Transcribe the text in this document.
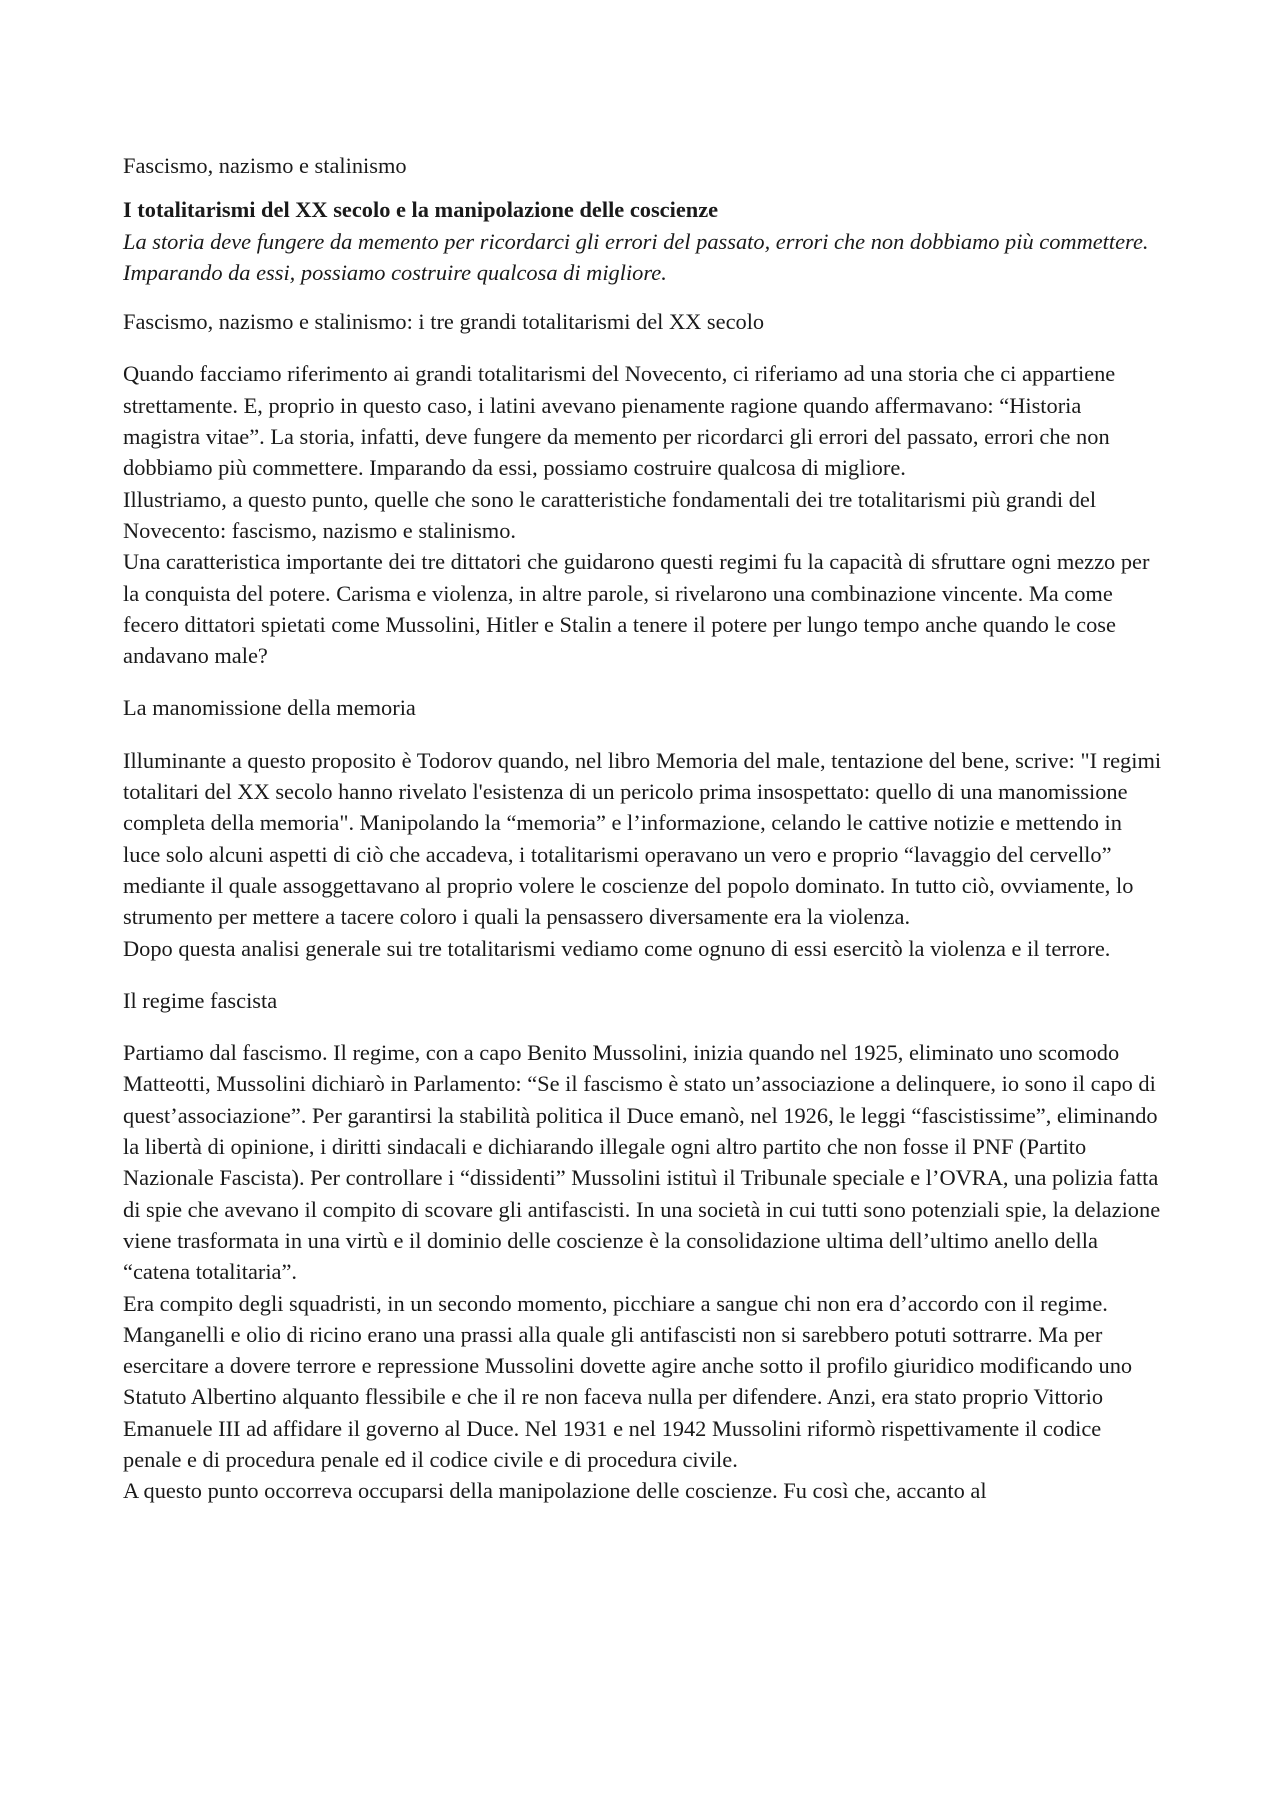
Fascismo, nazismo e stalinismo

I totalitarismi del XX secolo e la manipolazione delle coscienze

La storia deve fungere da memento per ricordarci gli errori del passato, errori che non dobbiamo più commettere. Imparando da essi, possiamo costruire qualcosa di migliore.

Fascismo, nazismo e stalinismo: i tre grandi totalitarismi del XX secolo

Quando facciamo riferimento ai grandi totalitarismi del Novecento, ci riferiamo ad una storia che ci appartiene strettamente. E, proprio in questo caso, i latini avevano pienamente ragione quando affermavano: “Historia magistra vitae”. La storia, infatti, deve fungere da memento per ricordarci gli errori del passato, errori che non dobbiamo più commettere. Imparando da essi, possiamo costruire qualcosa di migliore.

Illustriamo, a questo punto, quelle che sono le caratteristiche fondamentali dei tre totalitarismi più grandi del Novecento: fascismo, nazismo e stalinismo.

Una caratteristica importante dei tre dittatori che guidarono questi regimi fu la capacità di sfruttare ogni mezzo per la conquista del potere. Carisma e violenza, in altre parole, si rivelarono una combinazione vincente. Ma come fecero dittatori spietati come Mussolini, Hitler e Stalin a tenere il potere per lungo tempo anche quando le cose andavano male?

La manomissione della memoria

Illuminante a questo proposito è Todorov quando, nel libro Memoria del male, tentazione del bene, scrive: "I regimi totalitari del XX secolo hanno rivelato l'esistenza di un pericolo prima insospettato: quello di una manomissione completa della memoria". Manipolando la “memoria” e l’informazione, celando le cattive notizie e mettendo in luce solo alcuni aspetti di ciò che accadeva, i totalitarismi operavano un vero e proprio “lavaggio del cervello” mediante il quale assoggettavano al proprio volere le coscienze del popolo dominato. In tutto ciò, ovviamente, lo strumento per mettere a tacere coloro i quali la pensassero diversamente era la violenza.

Dopo questa analisi generale sui tre totalitarismi vediamo come ognuno di essi esercitò la violenza e il terrore.

Il regime fascista

Partiamo dal fascismo. Il regime, con a capo Benito Mussolini, inizia quando nel 1925, eliminato uno scomodo Matteotti, Mussolini dichiarò in Parlamento: “Se il fascismo è stato un’associazione a delinquere, io sono il capo di quest’associazione”. Per garantirsi la stabilità politica il Duce emanò, nel 1926, le leggi “fascistissime”, eliminando la libertà di opinione, i diritti sindacali e dichiarando illegale ogni altro partito che non fosse il PNF (Partito Nazionale Fascista). Per controllare i “dissidenti” Mussolini istituì il Tribunale speciale e l’OVRA, una polizia fatta di spie che avevano il compito di scovare gli antifascisti. In una società in cui tutti sono potenziali spie, la delazione viene trasformata in una virtù e il dominio delle coscienze è la consolidazione ultima dell’ultimo anello della “catena totalitaria”.

Era compito degli squadristi, in un secondo momento, picchiare a sangue chi non era d’accordo con il regime. Manganelli e olio di ricino erano una prassi alla quale gli antifascisti non si sarebbero potuti sottrarre. Ma per esercitare a dovere terrore e repressione Mussolini dovette agire anche sotto il profilo giuridico modificando uno Statuto Albertino alquanto flessibile e che il re non faceva nulla per difendere. Anzi, era stato proprio Vittorio Emanuele III ad affidare il governo al Duce. Nel 1931 e nel 1942 Mussolini riformò rispettivamente il codice penale e di procedura penale ed il codice civile e di procedura civile.

A questo punto occorreva occuparsi della manipolazione delle coscienze. Fu così che, accanto al
